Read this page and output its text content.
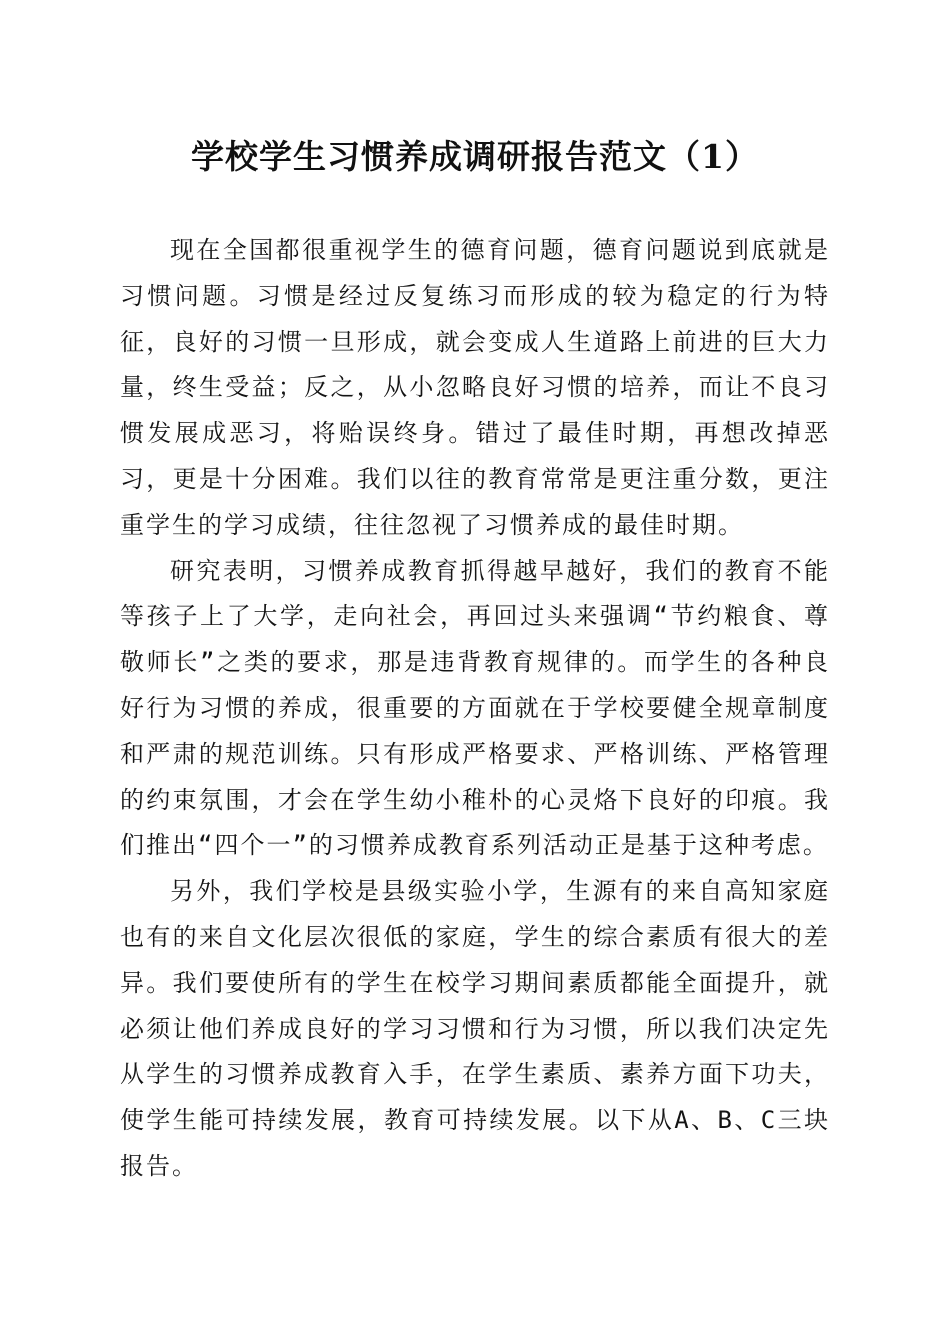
学校学生习惯养成调研报告范文（1）

现在全国都很重视学生的德育问题，德育问题说到底就是习惯问题。习惯是经过反复练习而形成的较为稳定的行为特征，良好的习惯一旦形成，就会变成人生道路上前进的巨大力量，终生受益；反之，从小忽略良好习惯的培养，而让不良习惯发展成恶习，将贻误终身。错过了最佳时期，再想改掉恶习，更是十分困难。我们以往的教育常常是更注重分数，更注重学生的学习成绩，往往忽视了习惯养成的最佳时期。

研究表明，习惯养成教育抓得越早越好，我们的教育不能等孩子上了大学，走向社会，再回过头来强调“节约粮食、尊敬师长”之类的要求，那是违背教育规律的。而学生的各种良好行为习惯的养成，很重要的方面就在于学校要健全规章制度和严肃的规范训练。只有形成严格要求、严格训练、严格管理的约束氛围，才会在学生幼小稚朴的心灵烙下良好的印痕。我们推出“四个一”的习惯养成教育系列活动正是基于这种考虑。

另外，我们学校是县级实验小学，生源有的来自高知家庭也有的来自文化层次很低的家庭，学生的综合素质有很大的差异。我们要使所有的学生在校学习期间素质都能全面提升，就必须让他们养成良好的学习习惯和行为习惯，所以我们决定先从学生的习惯养成教育入手，在学生素质、素养方面下功夫，使学生能可持续发展，教育可持续发展。以下从A、B、C三块报告。
